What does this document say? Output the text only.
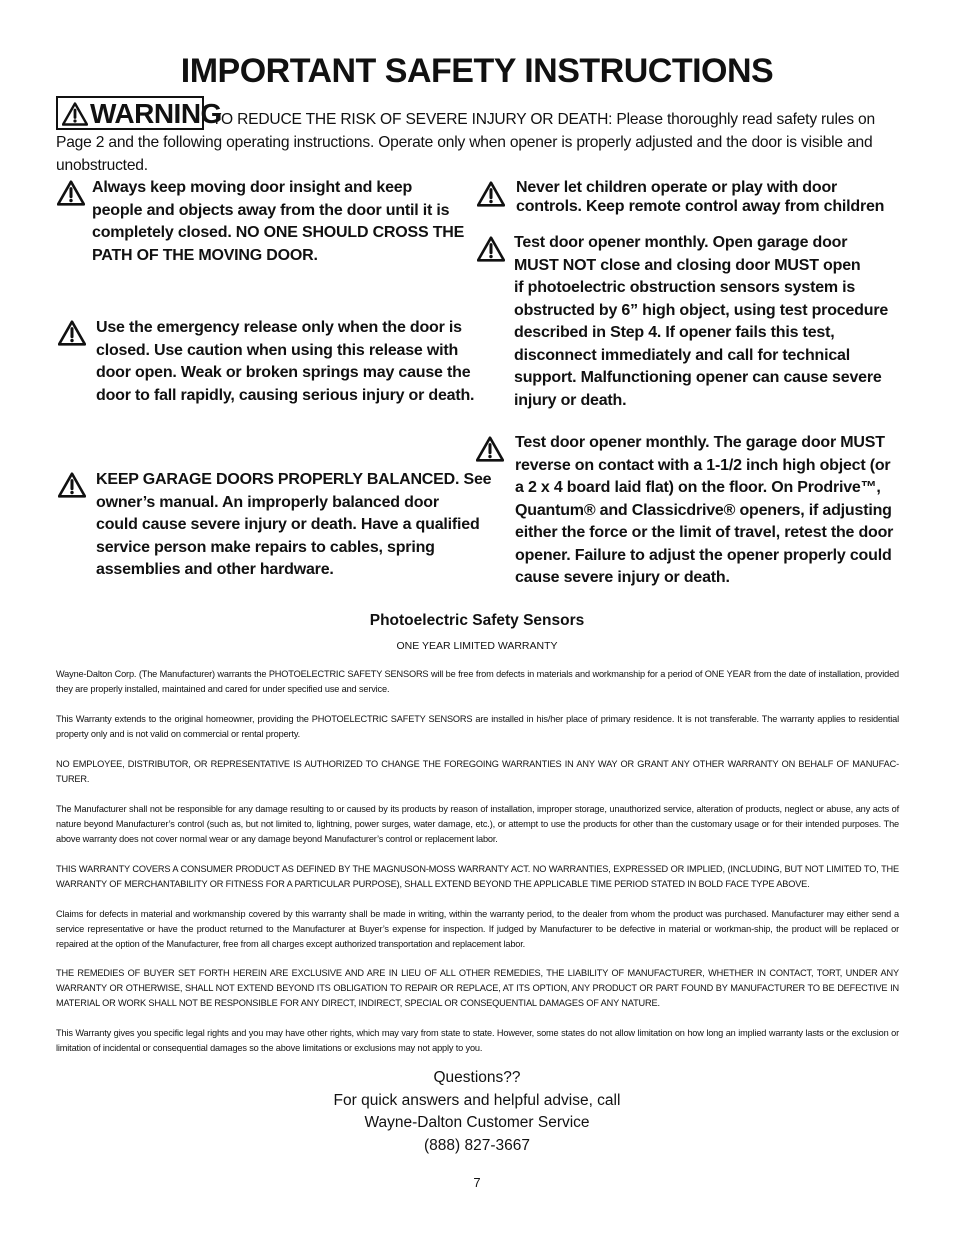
IMPORTANT SAFETY INSTRUCTIONS
WARNING
TO REDUCE THE RISK OF SEVERE INJURY OR DEATH: Please thoroughly read safety rules on Page 2 and the following operating instructions. Operate only when opener is properly adjusted and the door is visible and unobstructed.
Always keep moving door insight and keep
people and objects away from the door until it is
completely closed. NO ONE SHOULD CROSS THE
PATH OF THE MOVING DOOR.
Use the emergency release only when the door is
closed. Use caution when using this release with
door open. Weak or broken springs may cause the
door to fall rapidly, causing serious injury or death.
KEEP GARAGE DOORS PROPERLY BALANCED. See
owner’s manual. An improperly balanced door
could cause severe injury or death. Have a qualified
service person make repairs to cables, spring
assemblies and other hardware.
Never let children operate or play with door
controls. Keep remote control away from children
Test door opener monthly. Open garage door
MUST NOT close and closing door MUST open
if photoelectric obstruction sensors system is
obstructed by 6” high object, using test procedure
described in Step 4. If opener fails this test,
disconnect immediately and call for technical
support. Malfunctioning opener can cause severe
injury or death.
Test door opener monthly. The garage door MUST
reverse on contact with a 1-1/2 inch high object (or
a 2 x 4 board laid flat) on the floor. On Prodrive™,
Quantum® and Classicdrive® openers, if adjusting
either the force or the limit of travel, retest the door
opener. Failure to adjust the opener properly could
cause severe injury or death.
Photoelectric Safety Sensors
ONE YEAR LIMITED WARRANTY
Wayne-Dalton Corp. (The Manufacturer) warrants the PHOTOELECTRIC SAFETY SENSORS will be free from defects in materials and workmanship for a period of ONE YEAR from the date of installation, provided they are properly installed, maintained and cared for under specified use and service.
This Warranty extends to the original homeowner, providing the PHOTOELECTRIC SAFETY SENSORS are installed in his/her place of primary residence. It is not transferable. The warranty applies to residential property only and is not valid on commercial or rental property.
NO EMPLOYEE, DISTRIBUTOR, OR REPRESENTATIVE IS AUTHORIZED TO CHANGE THE FOREGOING WARRANTIES IN ANY WAY OR GRANT ANY OTHER WARRANTY ON BEHALF OF MANUFAC-TURER.
The Manufacturer shall not be responsible for any damage resulting to or caused by its products by reason of installation, improper storage, unauthorized service, alteration of products, neglect or abuse, any acts of nature beyond Manufacturer’s control (such as, but not limited to, lightning, power surges, water damage, etc.), or attempt to use the products for other than the customary usage or for their intended purposes. The above warranty does not cover normal wear or any damage beyond Manufacturer’s control or replacement labor.
THIS WARRANTY COVERS A CONSUMER PRODUCT AS DEFINED BY THE MAGNUSON-MOSS WARRANTY ACT. NO WARRANTIES, EXPRESSED OR IMPLIED, (INCLUDING, BUT NOT LIMITED TO, THE WARRANTY OF MERCHANTABILITY OR FITNESS FOR A PARTICULAR PURPOSE), SHALL EXTEND BEYOND THE APPLICABLE TIME PERIOD STATED IN BOLD FACE TYPE ABOVE.
Claims for defects in material and workmanship covered by this warranty shall be made in writing, within the warranty period, to the dealer from whom the product was purchased. Manufacturer may either send a service representative or have the product returned to the Manufacturer at Buyer’s expense for inspection. If judged by Manufacturer to be defective in material or workman-ship, the product will be replaced or repaired at the option of the Manufacturer, free from all charges except authorized transportation and replacement labor.
THE REMEDIES OF BUYER SET FORTH HEREIN ARE EXCLUSIVE AND ARE IN LIEU OF ALL OTHER REMEDIES, THE LIABILITY OF MANUFACTURER, WHETHER IN CONTACT, TORT, UNDER ANY WARRANTY OR OTHERWISE, SHALL NOT EXTEND BEYOND ITS OBLIGATION TO REPAIR OR REPLACE, AT ITS OPTION, ANY PRODUCT OR PART FOUND BY MANUFACTURER TO BE DEFECTIVE IN MATERIAL OR WORK SHALL NOT BE RESPONSIBLE FOR ANY DIRECT, INDIRECT, SPECIAL OR CONSEQUENTIAL DAMAGES OF ANY NATURE.
This Warranty gives you specific legal rights and you may have other rights, which may vary from state to state. However, some states do not allow limitation on how long an implied warranty lasts or the exclusion or limitation of incidental or consequential damages so the above limitations or exclusions may not apply to you.
Questions??
For quick answers and helpful advise, call
Wayne-Dalton Customer Service
(888) 827-3667
7
